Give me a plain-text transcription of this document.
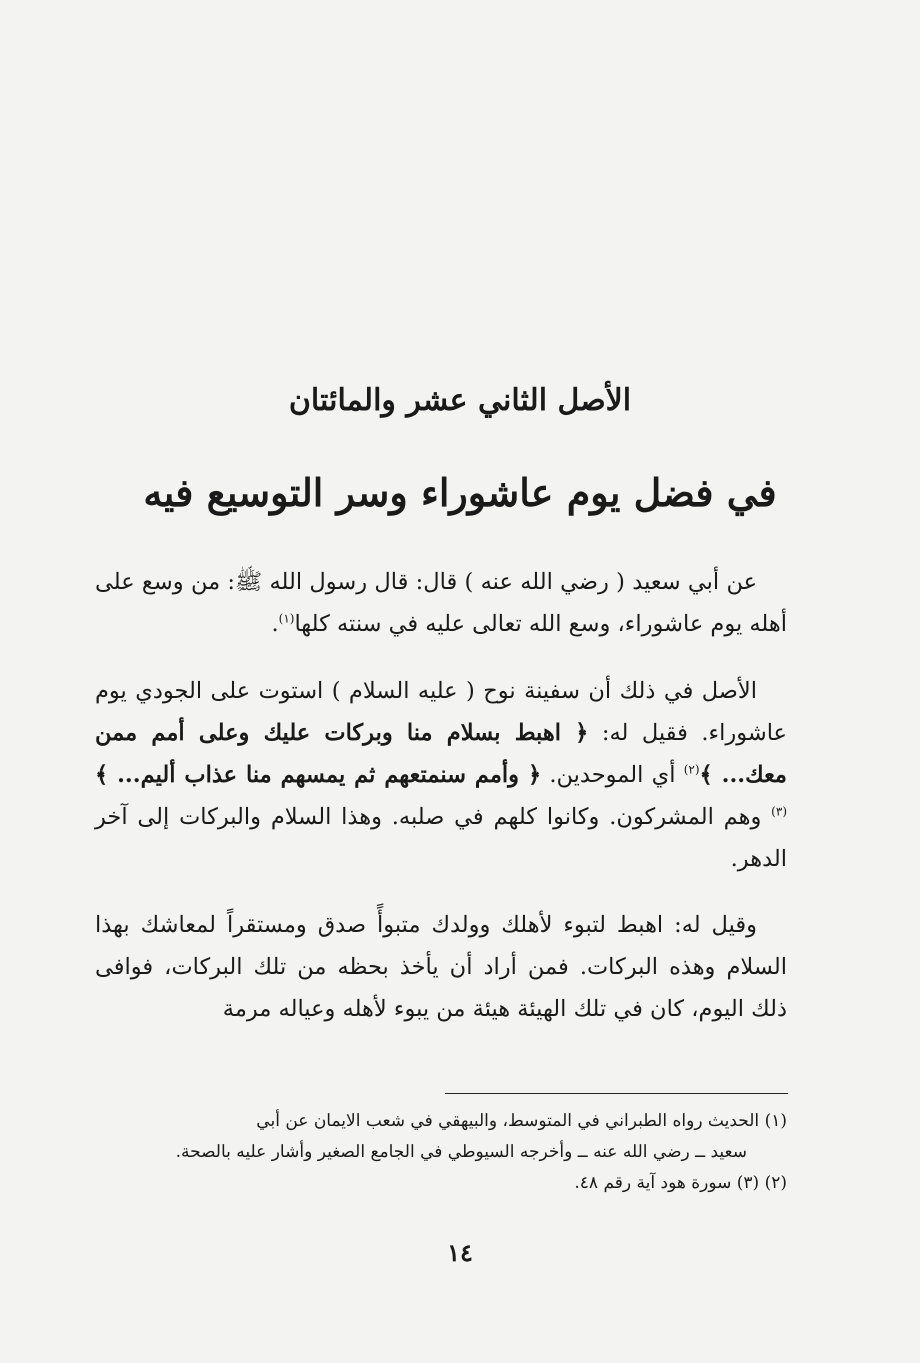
الأصل الثاني عشر والمائتان
في فضل يوم عاشوراء وسر التوسيع فيه

عن أبي سعيد ( رضي الله عنه ) قال: قال رسول الله ﷺ: من وسع على أهله يوم عاشوراء، وسع الله تعالى عليه في سنته كلها$^{(١)}$.

الأصل في ذلك أن سفينة نوح ( عليه السلام ) استوت على الجودي يوم عاشوراء. فقيل له: ﴿ اهبط بسلام منا وبركات عليك وعلى أمم ممن معك... ﴾$^{(٢)}$ أي الموحدين. ﴿ وأمم سنمتعهم ثم يمسهم منا عذاب أليم... ﴾$^{(٣)}$ وهم المشركون. وكانوا كلهم في صلبه. وهذا السلام والبركات إلى آخر الدهر.

وقيل له: اهبط لتبوء لأهلك وولدك متبوأً صدق ومستقراً لمعاشك بهذا السلام وهذه البركات. فمن أراد أن يأخذ بحظه من تلك البركات، فوافى ذلك اليوم، كان في تلك الهيئة هيئة من يبوء لأهله وعياله مرمة

(١) الحديث رواه الطبراني في المتوسط، والبيهقي في شعب الايمان عن أبي

سعيد ــ رضي الله عنه ــ وأخرجه السيوطي في الجامع الصغير وأشار عليه بالصحة.

(٢) (٣) سورة هود آية رقم ٤٨.

١٤
